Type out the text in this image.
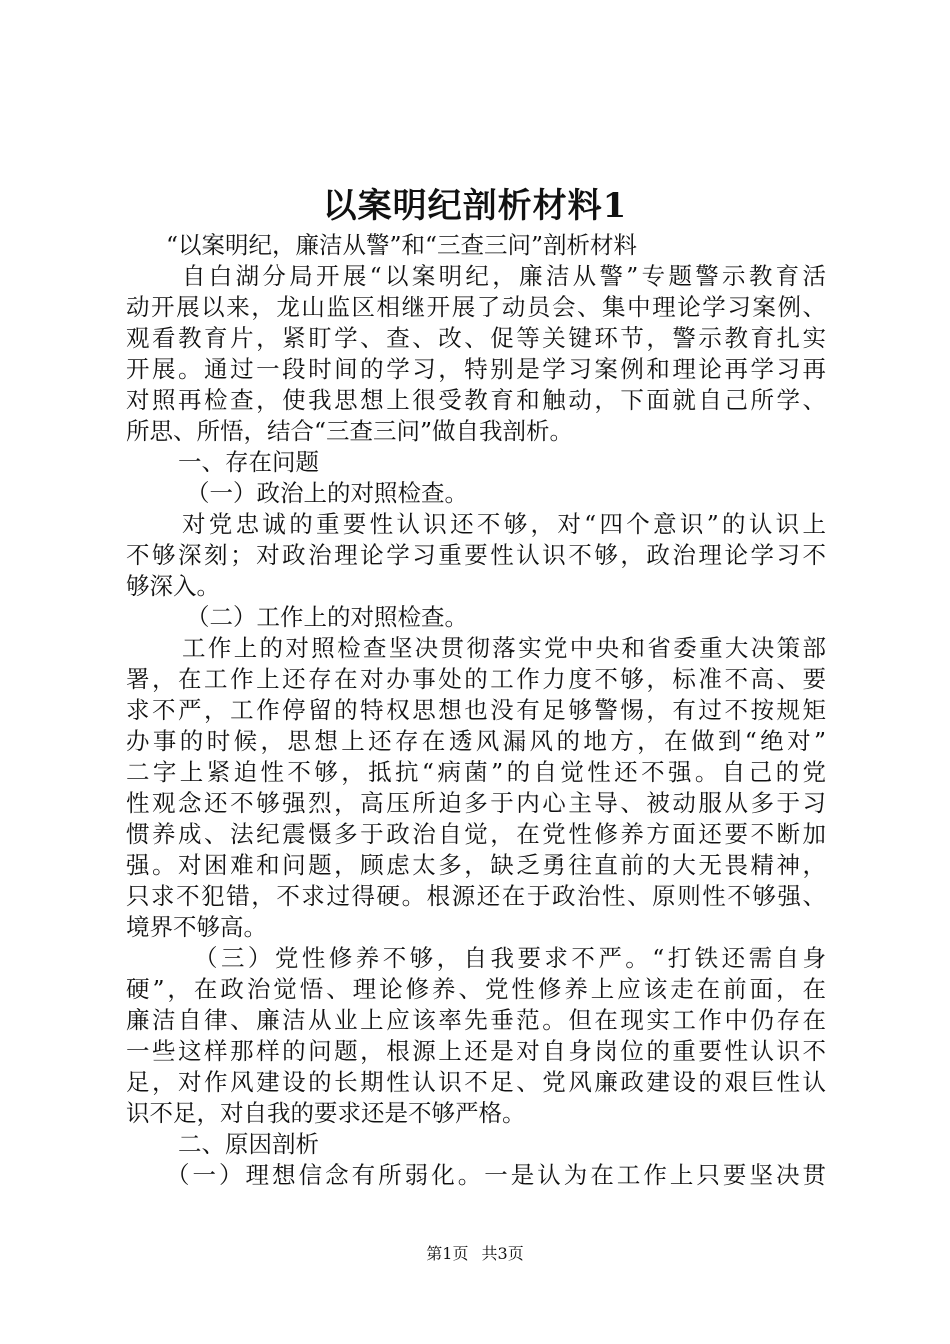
以案明纪剖析材料1
“以案明纪，廉洁从警”和“三查三问”剖析材料
自白湖分局开展“以案明纪，廉洁从警”专题警示教育活
动开展以来，龙山监区相继开展了动员会、集中理论学习案例、
观看教育片，紧盯学、查、改、促等关键环节，警示教育扎实
开展。通过一段时间的学习，特别是学习案例和理论再学习再
对照再检查，使我思想上很受教育和触动，下面就自己所学、
所思、所悟，结合“三查三问”做自我剖析。
一、存在问题
（一）政治上的对照检查。
对党忠诚的重要性认识还不够，对“四个意识”的认识上
不够深刻；对政治理论学习重要性认识不够，政治理论学习不
够深入。
（二）工作上的对照检查。
工作上的对照检查坚决贯彻落实党中央和省委重大决策部
署，在工作上还存在对办事处的工作力度不够，标准不高、要
求不严，工作停留的特权思想也没有足够警惕，有过不按规矩
办事的时候，思想上还存在透风漏风的地方，在做到“绝对”
二字上紧迫性不够，抵抗“病菌”的自觉性还不强。自己的党
性观念还不够强烈，高压所迫多于内心主导、被动服从多于习
惯养成、法纪震慑多于政治自觉，在党性修养方面还要不断加
强。对困难和问题，顾虑太多，缺乏勇往直前的大无畏精神，
只求不犯错，不求过得硬。根源还在于政治性、原则性不够强、
境界不够高。
（三）党性修养不够，自我要求不严。“打铁还需自身
硬”，在政治觉悟、理论修养、党性修养上应该走在前面，在
廉洁自律、廉洁从业上应该率先垂范。但在现实工作中仍存在
一些这样那样的问题，根源上还是对自身岗位的重要性认识不
足，对作风建设的长期性认识不足、党风廉政建设的艰巨性认
识不足，对自我的要求还是不够严格。
二、原因剖析
（一）理想信念有所弱化。一是认为在工作上只要坚决贯
第1页 共3页
